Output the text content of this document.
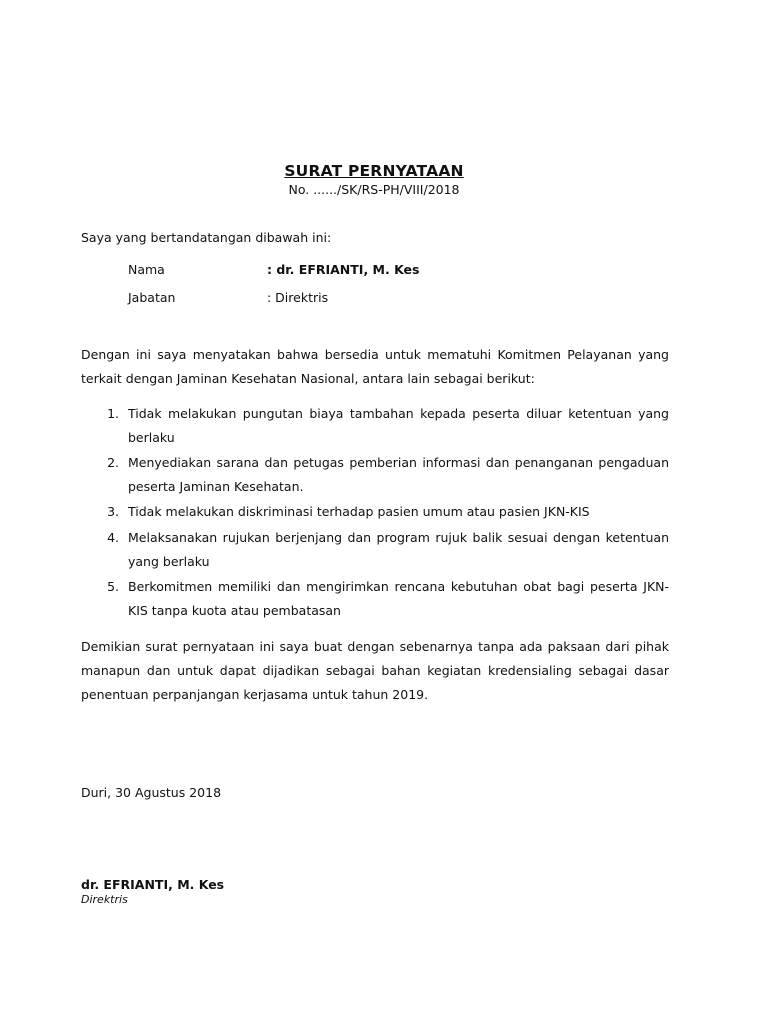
SURAT PERNYATAAN
No. ....../SK/RS-PH/VIII/2018
Saya yang bertandatangan dibawah ini:
Nama	: dr. EFRIANTI, M. Kes
Jabatan	: Direktris
Dengan ini saya menyatakan bahwa bersedia untuk mematuhi Komitmen Pelayanan yang terkait dengan Jaminan Kesehatan Nasional, antara lain sebagai berikut:
1. Tidak melakukan pungutan biaya tambahan kepada peserta diluar ketentuan yang berlaku
2. Menyediakan sarana dan petugas pemberian informasi dan penanganan pengaduan peserta Jaminan Kesehatan.
3. Tidak melakukan diskriminasi terhadap pasien umum atau pasien JKN-KIS
4. Melaksanakan rujukan berjenjang dan program rujuk balik sesuai dengan ketentuan yang berlaku
5. Berkomitmen memiliki dan mengirimkan rencana kebutuhan obat bagi peserta JKN-KIS tanpa kuota atau pembatasan
Demikian surat pernyataan ini saya buat dengan sebenarnya tanpa ada paksaan dari pihak manapun dan untuk dapat dijadikan sebagai bahan kegiatan kredensialing sebagai dasar penentuan perpanjangan kerjasama untuk tahun 2019.
Duri, 30 Agustus 2018
dr. EFRIANTI, M. Kes
Direktris
